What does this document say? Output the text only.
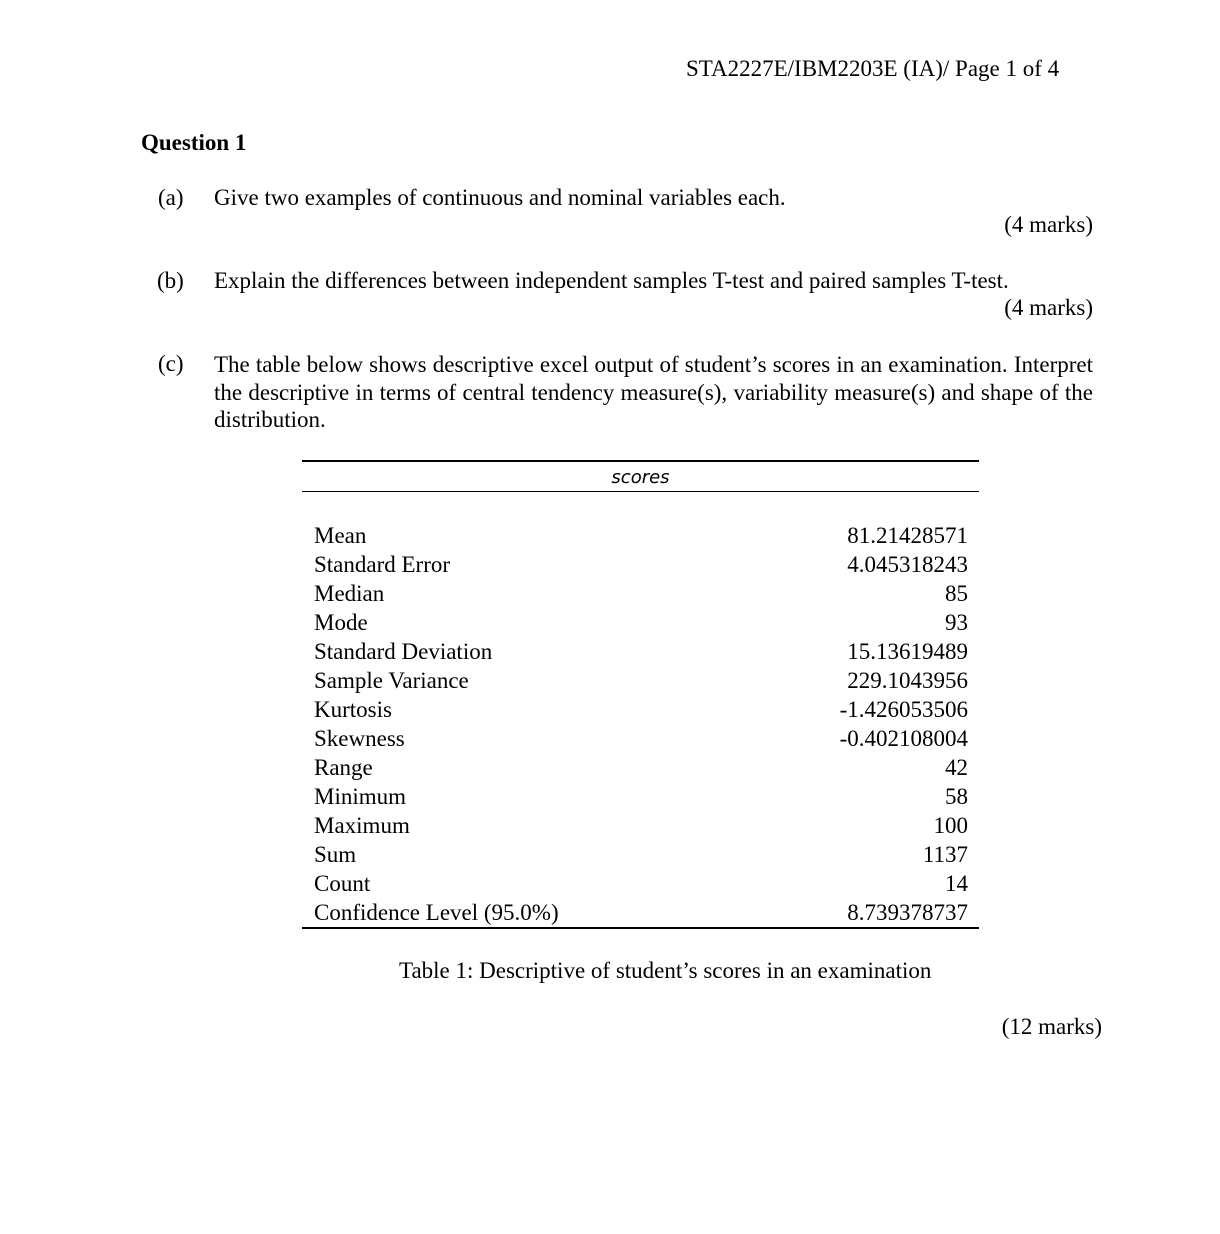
STA2227E/IBM2203E (IA)/ Page 1 of 4
Question 1
(a) Give two examples of continuous and nominal variables each.
(4 marks)
(b) Explain the differences between independent samples T-test and paired samples T-test.
(4 marks)
(c) The table below shows descriptive excel output of student’s scores in an examination. Interpret the descriptive in terms of central tendency measure(s), variability measure(s) and shape of the distribution.
scores
Mean	81.21428571
Standard Error	4.045318243
Median	85
Mode	93
Standard Deviation	15.13619489
Sample Variance	229.1043956
Kurtosis	-1.426053506
Skewness	-0.402108004
Range	42
Minimum	58
Maximum	100
Sum	1137
Count	14
Confidence Level (95.0%)	8.739378737
Table 1: Descriptive of student’s scores in an examination
(12 marks)
